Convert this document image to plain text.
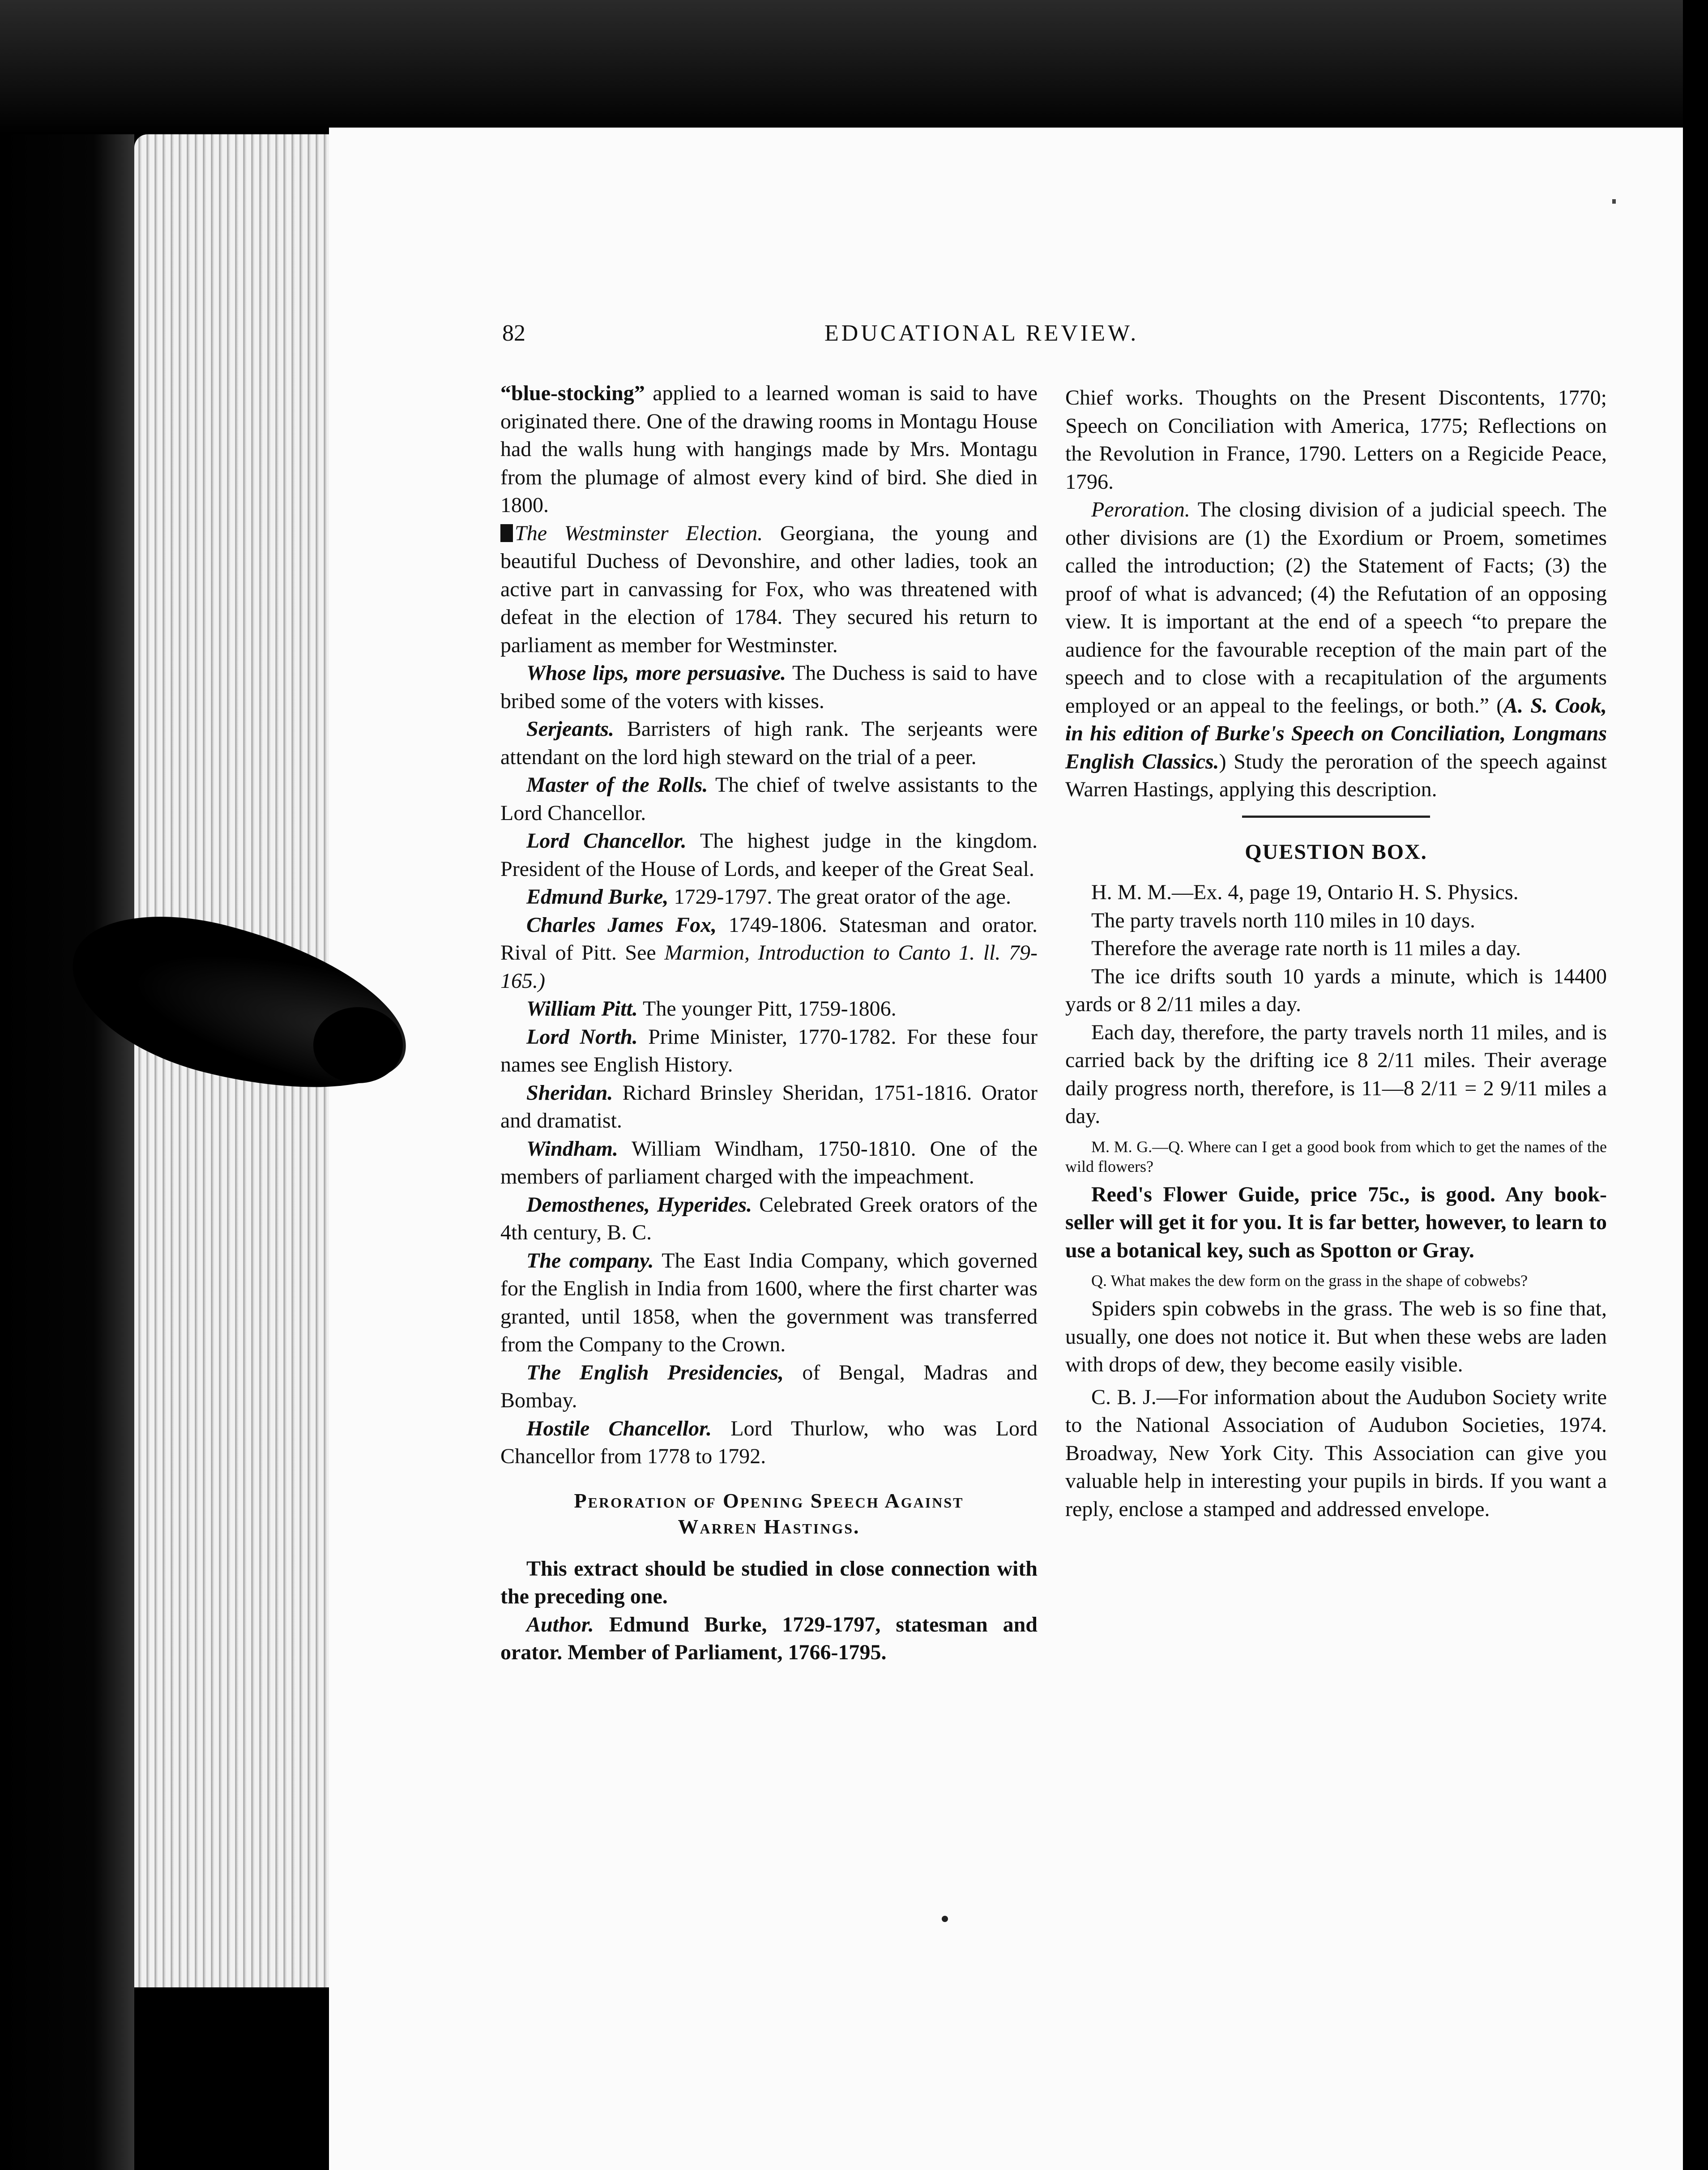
82	EDUCATIONAL REVIEW.

“blue-stocking” applied to a learned woman is said to have originated there. One of the drawing rooms in Montagu House had the walls hung with hangings made by Mrs. Montagu from the plumage of almost every kind of bird. She died in 1800.

The Westminster Election. Georgiana, the young and beautiful Duchess of Devonshire, and other ladies, took an active part in canvassing for Fox, who was threatened with defeat in the election of 1784. They secured his return to parliament as member for Westminster.

Whose lips, more persuasive. The Duchess is said to have bribed some of the voters with kisses.

Serjeants. Barristers of high rank. The serjeants were attendant on the lord high steward on the trial of a peer.

Master of the Rolls. The chief of twelve assistants to the Lord Chancellor.

Lord Chancellor. The highest judge in the kingdom. President of the House of Lords, and keeper of the Great Seal.

Edmund Burke, 1729-1797. The great orator of the age.

Charles James Fox, 1749-1806. Statesman and orator. Rival of Pitt. See Marmion, Introduction to Canto 1. ll. 79-165.)

William Pitt. The younger Pitt, 1759-1806.

Lord North. Prime Minister, 1770-1782. For these four names see English History.

Sheridan. Richard Brinsley Sheridan, 1751-1816. Orator and dramatist.

Windham. William Windham, 1750-1810. One of the members of parliament charged with the impeachment.

Demosthenes, Hyperides. Celebrated Greek orators of the 4th century, B. C.

The company. The East India Company, which governed for the English in India from 1600, where the first charter was granted, until 1858, when the government was transferred from the Company to the Crown.

The English Presidencies, of Bengal, Madras and Bombay.

Hostile Chancellor. Lord Thurlow, who was Lord Chancellor from 1778 to 1792.

Peroration of Opening Speech Against
Warren Hastings.

This extract should be studied in close connection with the preceding one.

Author. Edmund Burke, 1729-1797, statesman and orator. Member of Parliament, 1766-1795.

Chief works. Thoughts on the Present Discontents, 1770; Speech on Conciliation with America, 1775; Reflections on the Revolution in France, 1790. Letters on a Regicide Peace, 1796.

Peroration. The closing division of a judicial speech. The other divisions are (1) the Exordium or Proem, sometimes called the introduction; (2) the Statement of Facts; (3) the proof of what is advanced; (4) the Refutation of an opposing view. It is important at the end of a speech “to prepare the audience for the favourable reception of the main part of the speech and to close with a recapitulation of the arguments employed or an appeal to the feelings, or both.” (A. S. Cook, in his edition of Burke's Speech on Conciliation, Longmans English Classics.) Study the peroration of the speech against Warren Hastings, applying this description.

QUESTION BOX.

H. M. M.—Ex. 4, page 19, Ontario H. S. Physics.

The party travels north 110 miles in 10 days.

Therefore the average rate north is 11 miles a day.

The ice drifts south 10 yards a minute, which is 14400 yards or 8 2/11 miles a day.

Each day, therefore, the party travels north 11 miles, and is carried back by the drifting ice 8 2/11 miles. Their average daily progress north, therefore, is 11—8 2/11 = 2 9/11 miles a day.

M. M. G.—Q. Where can I get a good book from which to get the names of the wild flowers?

Reed's Flower Guide, price 75c., is good. Any book-seller will get it for you. It is far better, however, to learn to use a botanical key, such as Spotton or Gray.

Q. What makes the dew form on the grass in the shape of cobwebs?

Spiders spin cobwebs in the grass. The web is so fine that, usually, one does not notice it. But when these webs are laden with drops of dew, they become easily visible.

C. B. J.—For information about the Audubon Society write to the National Association of Audubon Societies, 1974. Broadway, New York City. This Association can give you valuable help in interesting your pupils in birds. If you want a reply, enclose a stamped and addressed envelope.
